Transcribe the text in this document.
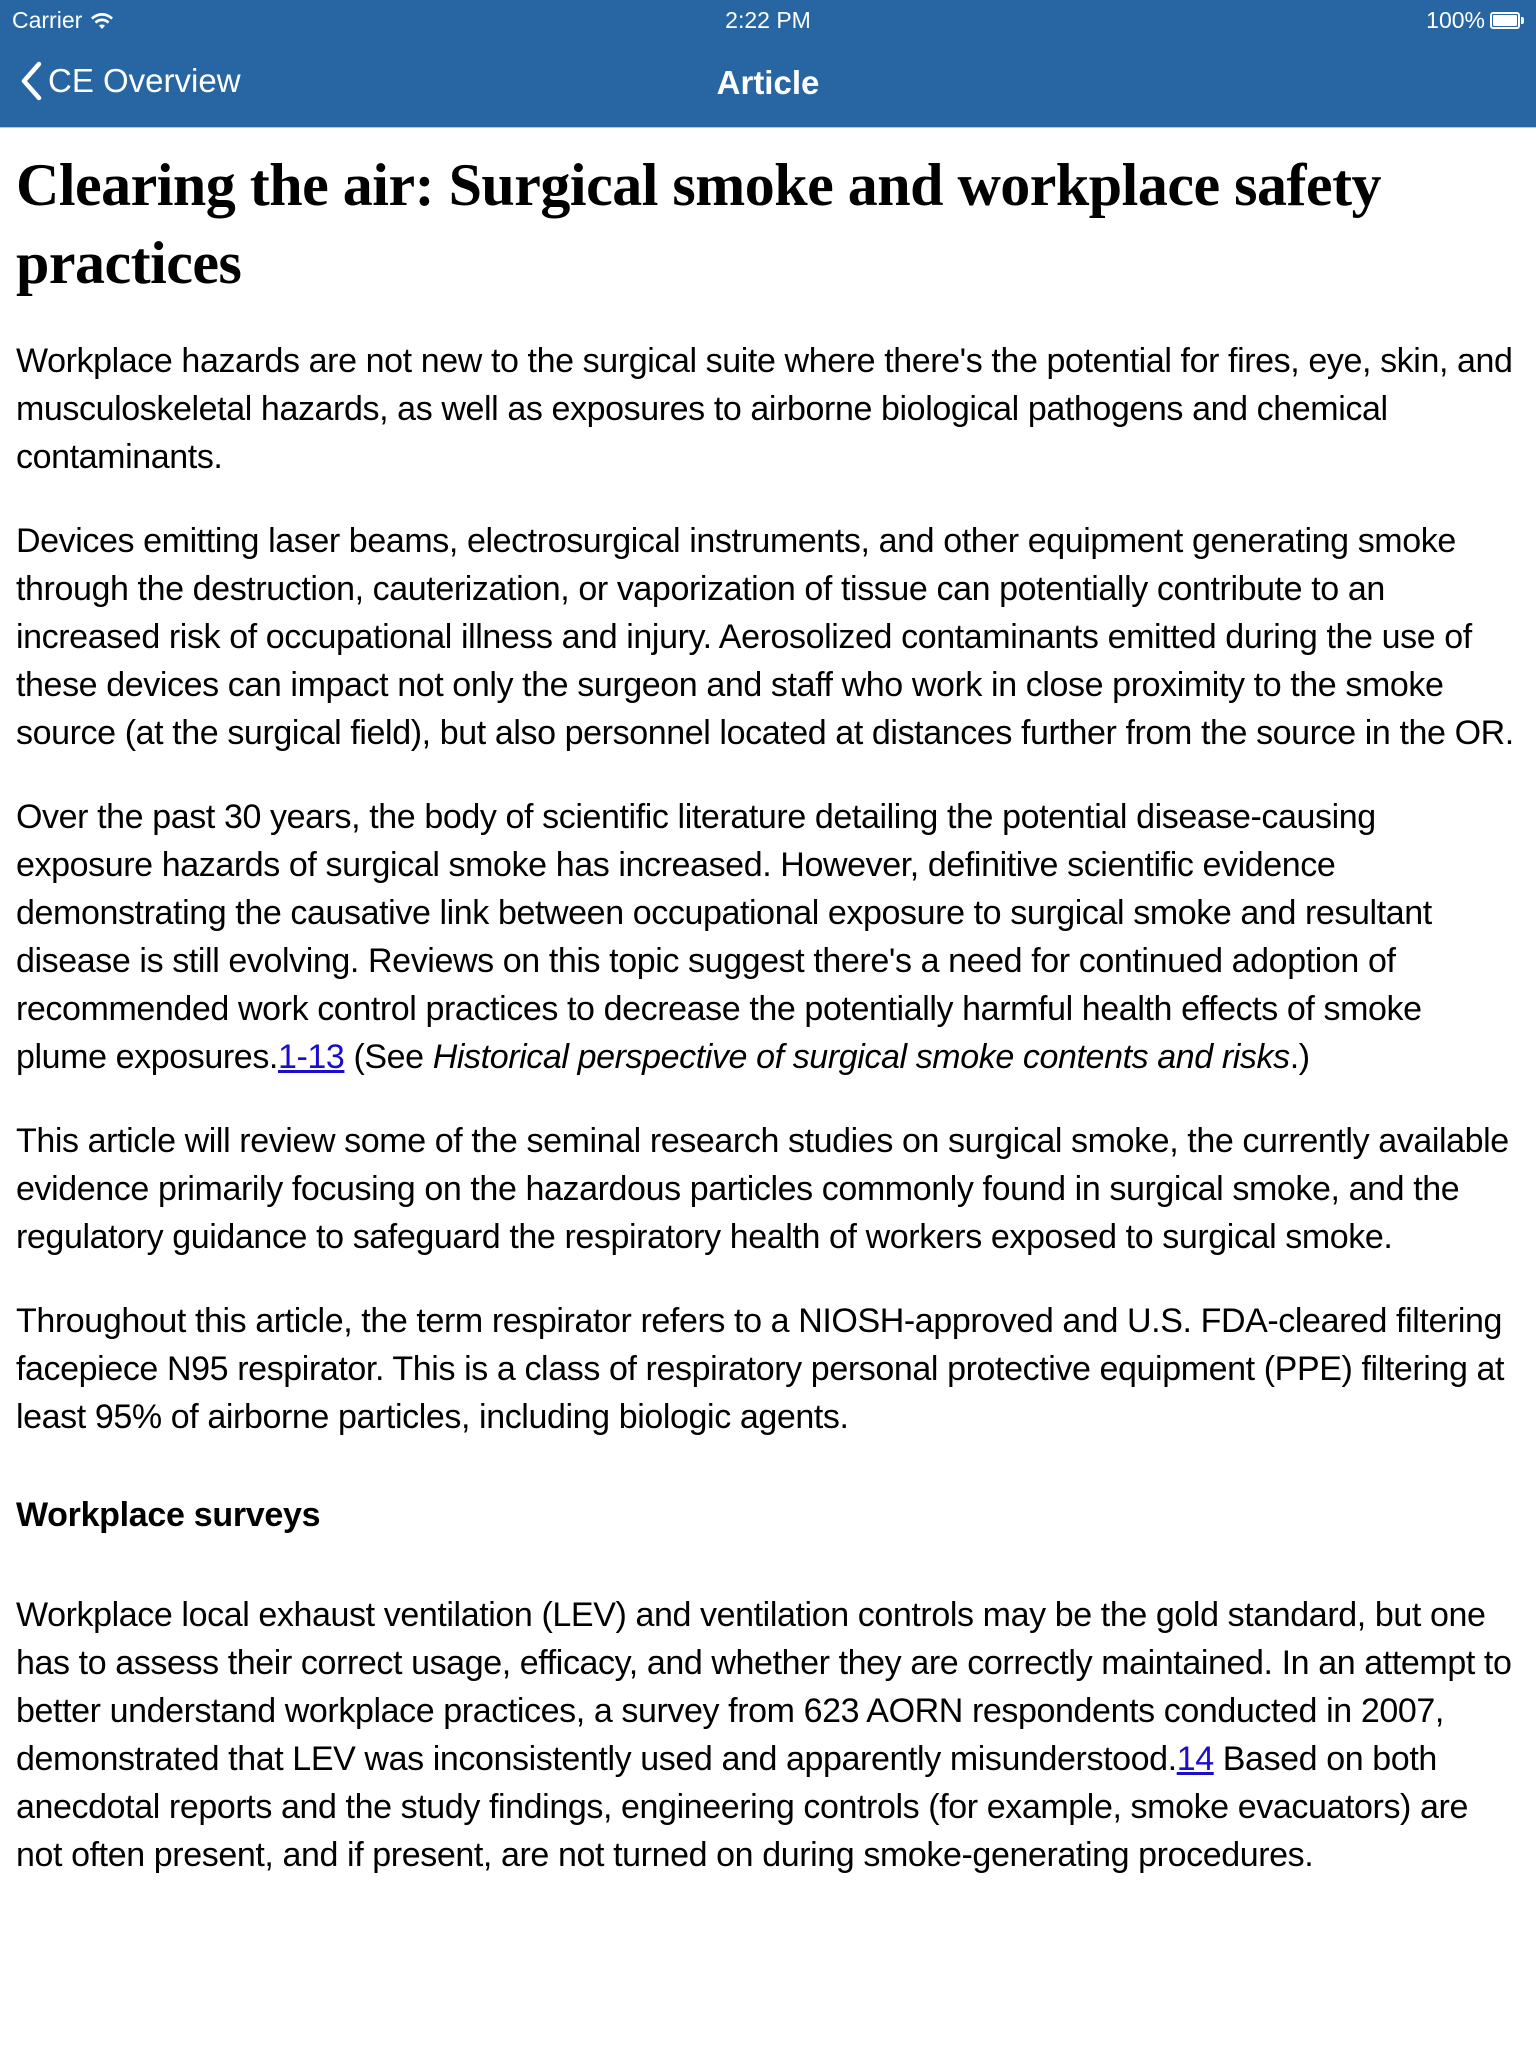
Carrier	2:22 PM	100%
CE Overview	Article
Clearing the air: Surgical smoke and workplace safety practices

Workplace hazards are not new to the surgical suite where there's the potential for fires, eye, skin, and musculoskeletal hazards, as well as exposures to airborne biological pathogens and chemical contaminants.

Devices emitting laser beams, electrosurgical instruments, and other equipment generating smoke through the destruction, cauterization, or vaporization of tissue can potentially contribute to an increased risk of occupational illness and injury. Aerosolized contaminants emitted during the use of these devices can impact not only the surgeon and staff who work in close proximity to the smoke source (at the surgical field), but also personnel located at distances further from the source in the OR.

Over the past 30 years, the body of scientific literature detailing the potential disease-causing exposure hazards of surgical smoke has increased. However, definitive scientific evidence demonstrating the causative link between occupational exposure to surgical smoke and resultant disease is still evolving. Reviews on this topic suggest there's a need for continued adoption of recommended work control practices to decrease the potentially harmful health effects of smoke plume exposures.1-13 (See Historical perspective of surgical smoke contents and risks.)

This article will review some of the seminal research studies on surgical smoke, the currently available evidence primarily focusing on the hazardous particles commonly found in surgical smoke, and the regulatory guidance to safeguard the respiratory health of workers exposed to surgical smoke.

Throughout this article, the term respirator refers to a NIOSH-approved and U.S. FDA-cleared filtering facepiece N95 respirator. This is a class of respiratory personal protective equipment (PPE) filtering at least 95% of airborne particles, including biologic agents.

Workplace surveys

Workplace local exhaust ventilation (LEV) and ventilation controls may be the gold standard, but one has to assess their correct usage, efficacy, and whether they are correctly maintained. In an attempt to better understand workplace practices, a survey from 623 AORN respondents conducted in 2007, demonstrated that LEV was inconsistently used and apparently misunderstood.14 Based on both anecdotal reports and the study findings, engineering controls (for example, smoke evacuators) are not often present, and if present, are not turned on during smoke-generating procedures.
